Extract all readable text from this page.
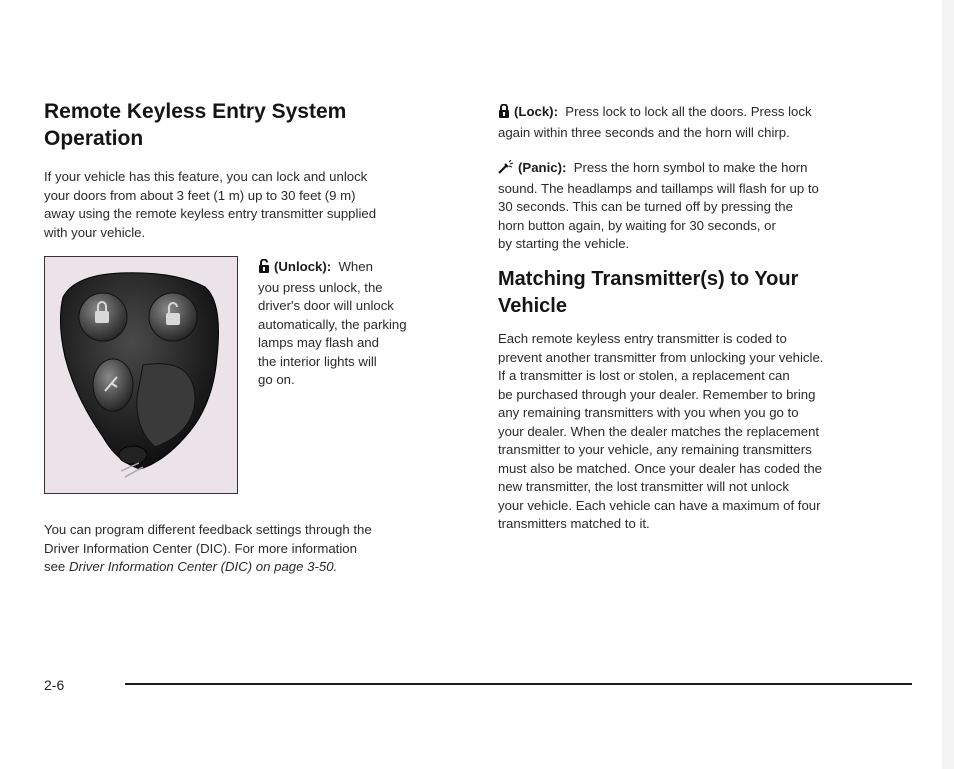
Remote Keyless Entry System
Operation
If your vehicle has this feature, you can lock and unlock
your doors from about 3 feet (1 m) up to 30 feet (9 m)
away using the remote keyless entry transmitter supplied
with your vehicle.
(Unlock): When
you press unlock, the
driver's door will unlock
automatically, the parking
lamps may flash and
the interior lights will
go on.
You can program different feedback settings through the
Driver Information Center (DIC). For more information
see Driver Information Center (DIC) on page 3-50.
(Lock): Press lock to lock all the doors. Press lock
again within three seconds and the horn will chirp.
(Panic): Press the horn symbol to make the horn
sound. The headlamps and taillamps will flash for up to
30 seconds. This can be turned off by pressing the
horn button again, by waiting for 30 seconds, or
by starting the vehicle.
Matching Transmitter(s) to Your
Vehicle
Each remote keyless entry transmitter is coded to
prevent another transmitter from unlocking your vehicle.
If a transmitter is lost or stolen, a replacement can
be purchased through your dealer. Remember to bring
any remaining transmitters with you when you go to
your dealer. When the dealer matches the replacement
transmitter to your vehicle, any remaining transmitters
must also be matched. Once your dealer has coded the
new transmitter, the lost transmitter will not unlock
your vehicle. Each vehicle can have a maximum of four
transmitters matched to it.
2-6
